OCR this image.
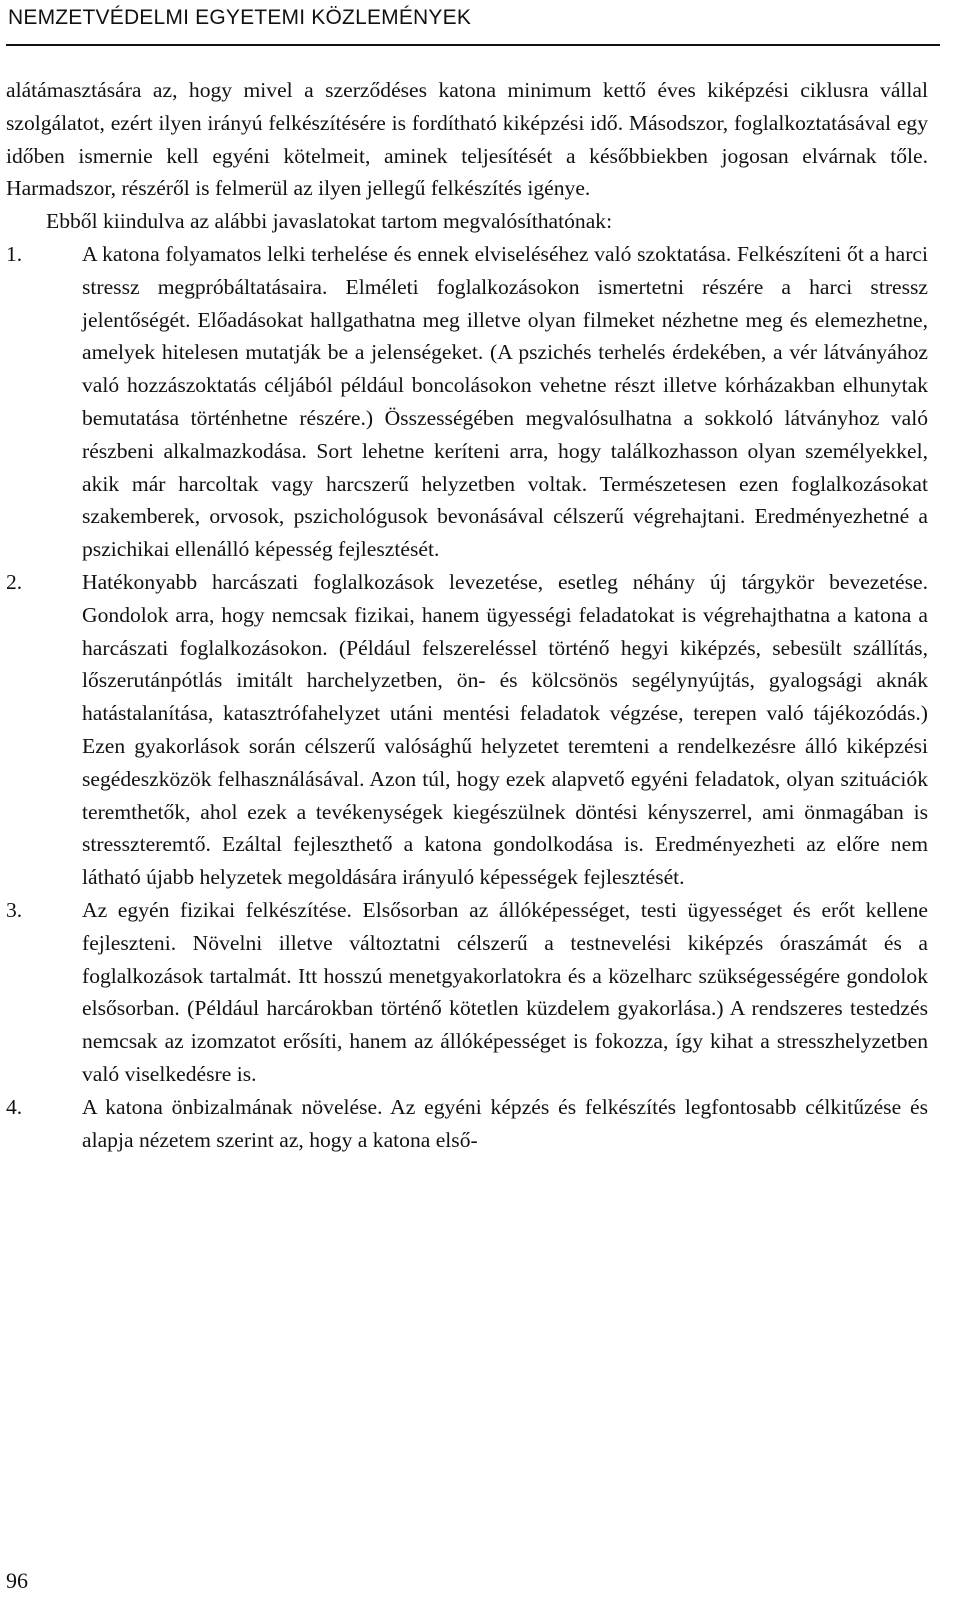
NEMZETVÉDELMI EGYETEMI KÖZLEMÉNYEK

alátámasztására az, hogy mivel a szerződéses katona minimum kettő éves kiképzési ciklusra vállal szolgálatot, ezért ilyen irányú felkészítésére is fordítható kiképzési idő. Másodszor, foglalkoztatásával egy időben ismernie kell egyéni kötelmeit, aminek teljesítését a későbbiekben jogosan elvárnak tőle. Harmadszor, részéről is felmerül az ilyen jellegű felkészítés igénye.

Ebből kiindulva az alábbi javaslatokat tartom megvalósíthatónak:

1.	A katona folyamatos lelki terhelése és ennek elviseléséhez való szoktatása. Felkészíteni őt a harci stressz megpróbáltatásaira. Elméleti foglalkozásokon ismertetni részére a harci stressz jelentőségét. Előadásokat hallgathatna meg illetve olyan filmeket nézhetne meg és elemezhetne, amelyek hitelesen mutatják be a jelenségeket. (A pszichés terhelés érdekében, a vér látványához való hozzászoktatás céljából például boncolásokon vehetne részt illetve kórházakban elhunytak bemutatása történhetne részére.) Összességében megvalósulhatna a sokkoló látványhoz való részbeni alkalmazkodása. Sort lehetne keríteni arra, hogy találkozhasson olyan személyekkel, akik már harcoltak vagy harcszerű helyzetben voltak. Természetesen ezen foglalkozásokat szakemberek, orvosok, pszichológusok bevonásával célszerű végrehajtani. Eredményezhetné a pszichikai ellenálló képesség fejlesztését.
2.	Hatékonyabb harcászati foglalkozások levezetése, esetleg néhány új tárgykör bevezetése. Gondolok arra, hogy nemcsak fizikai, hanem ügyességi feladatokat is végrehajthatna a katona a harcászati foglalkozásokon. (Például felszereléssel történő hegyi kiképzés, sebesült szállítás, lőszerutánpótlás imitált harchelyzetben, ön- és kölcsönös segélynyújtás, gyalogsági aknák hatástalanítása, katasztrófahelyzet utáni mentési feladatok végzése, terepen való tájékozódás.) Ezen gyakorlások során célszerű valósághű helyzetet teremteni a rendelkezésre álló kiképzési segédeszközök felhasználásával. Azon túl, hogy ezek alapvető egyéni feladatok, olyan szituációk teremthetők, ahol ezek a tevékenységek kiegészülnek döntési kényszerrel, ami önmagában is stresszteremtő. Ezáltal fejleszthető a katona gondolkodása is. Eredményezheti az előre nem látható újabb helyzetek megoldására irányuló képességek fejlesztését.
3.	Az egyén fizikai felkészítése. Elsősorban az állóképességet, testi ügyességet és erőt kellene fejleszteni. Növelni illetve változtatni célszerű a testnevelési kiképzés óraszámát és a foglalkozások tartalmát. Itt hosszú menetgyakorlatokra és a közelharc szükségességére gondolok elsősorban. (Például harcárokban történő kötetlen küzdelem gyakorlása.) A rendszeres testedzés nemcsak az izomzatot erősíti, hanem az állóképességet is fokozza, így kihat a stresszhelyzetben való viselkedésre is.
4.	A katona önbizalmának növelése. Az egyéni képzés és felkészítés legfontosabb célkitűzése és alapja nézetem szerint az, hogy a katona első-
96
